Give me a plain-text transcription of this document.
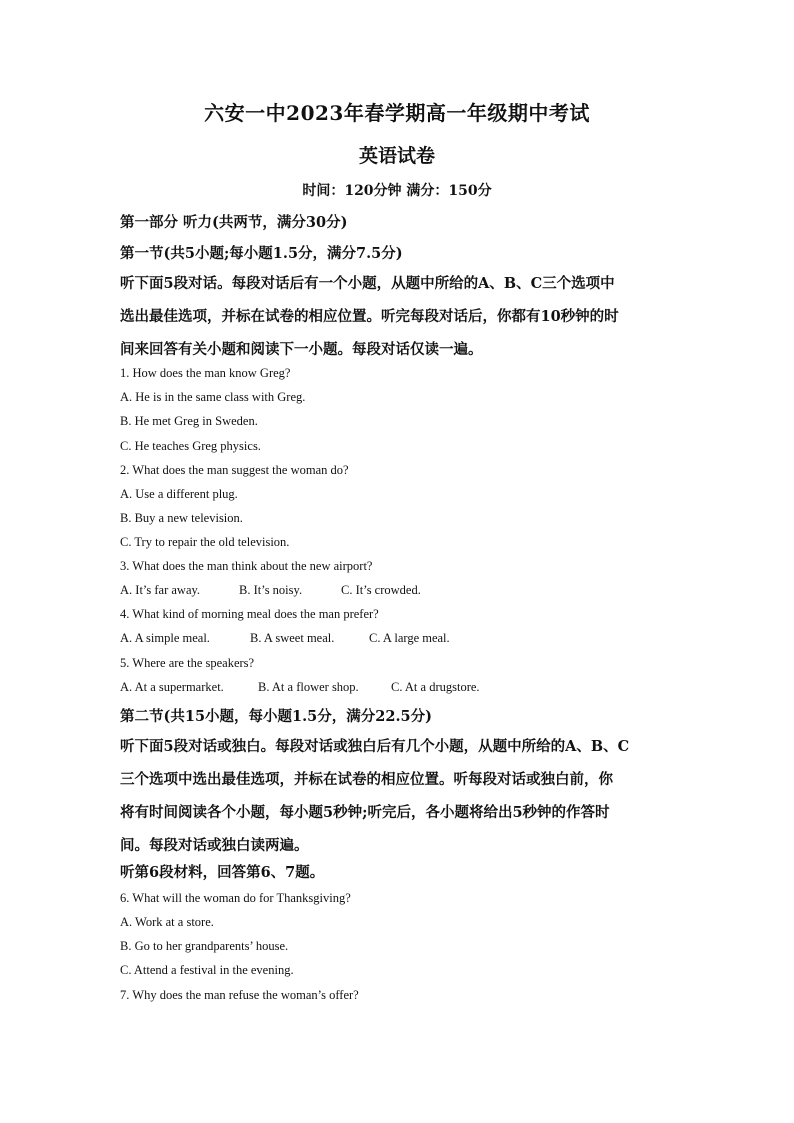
六安一中2023年春学期高一年级期中考试
英语试卷
时间：120分钟 满分：150分
第一部分 听力(共两节，满分30分)
第一节(共5小题;每小题1.5分，满分7.5分)
听下面5段对话。每段对话后有一个小题，从题中所给的A、B、C三个选项中
选出最佳选项，并标在试卷的相应位置。听完每段对话后，你都有10秒钟的时
间来回答有关小题和阅读下一小题。每段对话仅读一遍。
1. How does the man know Greg?
A. He is in the same class with Greg.
B. He met Greg in Sweden.
C. He teaches Greg physics.
2. What does the man suggest the woman do?
A. Use a different plug.
B. Buy a new television.
C. Try to repair the old television.
3. What does the man think about the new airport?
A. It’s far away.	B. It’s noisy.	C. It’s crowded.
4. What kind of morning meal does the man prefer?
A. A simple meal.	B. A sweet meal.	C. A large meal.
5. Where are the speakers?
A. At a supermarket.	B. At a flower shop.	C. At a drugstore.
第二节(共15小题，每小题1.5分，满分22.5分)
听下面5段对话或独白。每段对话或独白后有几个小题，从题中所给的A、B、C
三个选项中选出最佳选项，并标在试卷的相应位置。听每段对话或独白前，你
将有时间阅读各个小题，每小题5秒钟;听完后，各小题将给出5秒钟的作答时
间。每段对话或独白读两遍。
听第6段材料，回答第6、7题。
6. What will the woman do for Thanksgiving?
A. Work at a store.
B. Go to her grandparents’ house.
C. Attend a festival in the evening.
7. Why does the man refuse the woman’s offer?
